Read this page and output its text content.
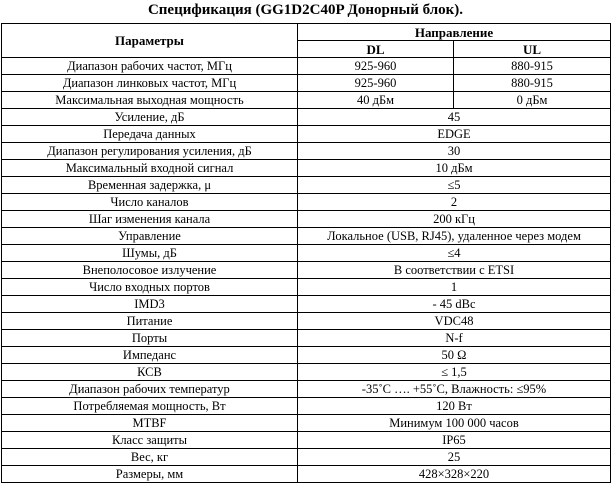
Спецификация (GG1D2C40P Донорный блок).
Параметры	Направление	
	DL	UL
Диапазон рабочих частот, МГц	925-960	880-915
Диапазон линковых частот, МГц	925-960	880-915
Максимальная выходная мощность	40 дБм	0 дБм
Усиление, дБ	45	
Передача данных	EDGE	
Диапазон регулирования усиления, дБ	30	
Максимальный входной сигнал	10 дБм	
Временная задержка, μ	≤5	
Число каналов	2	
Шаг изменения канала	200 кГц	
Управление	Локальное (USB, RJ45), удаленное через модем	
Шумы, дБ	≤4	
Внеполосовое излучение	В соответствии с ETSI	
Число входных портов	1	
IMD3	- 45 dBc	
Питание	VDC48	
Порты	N-f	
Импеданс	50 Ω	
КСВ	≤ 1,5	
Диапазон рабочих температур	-35˚C …. +55˚C, Влажность: ≤95%	
Потребляемая мощность, Вт	120 Вт	
MTBF	Минимум 100 000 часов	
Класс защиты	IP65	
Вес, кг	25	
Размеры, мм	428×328×220	
